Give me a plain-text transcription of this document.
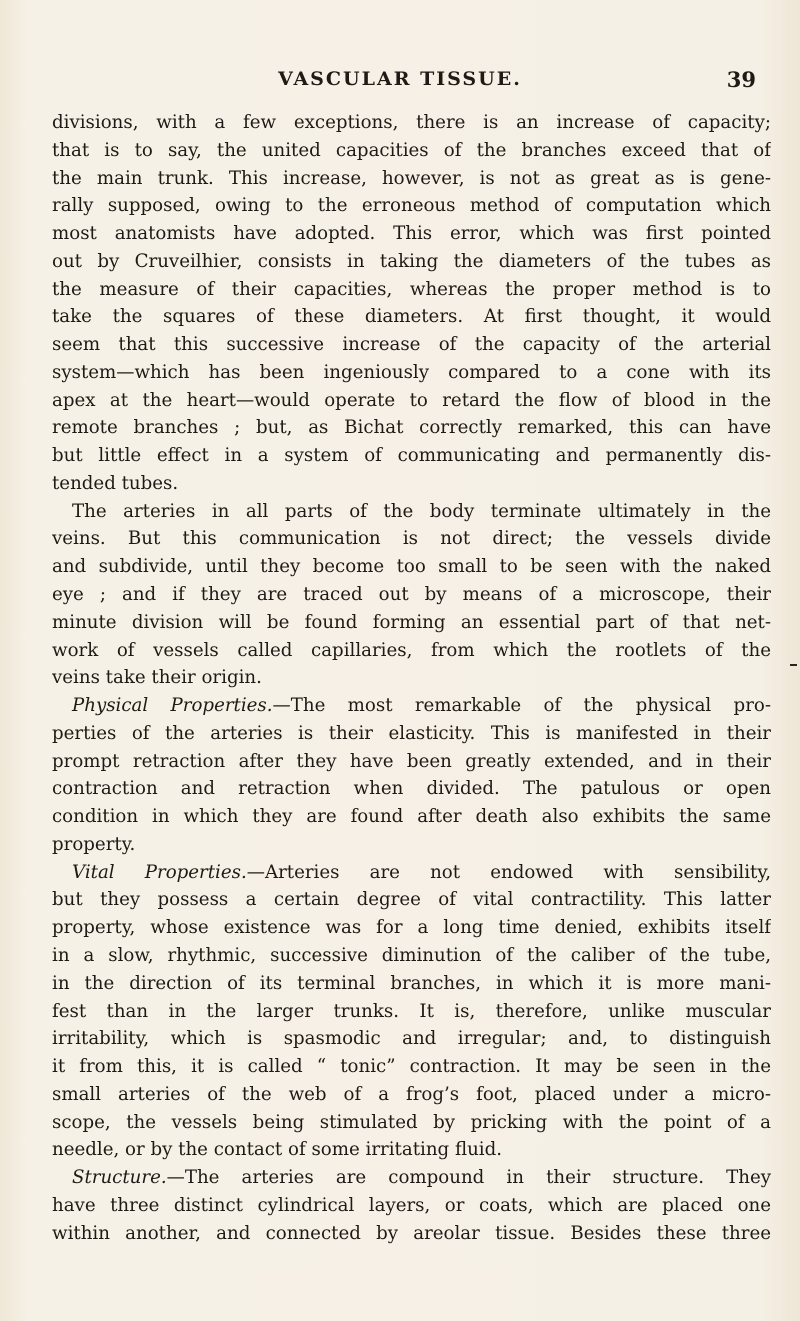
VASCULAR TISSUE.	39
divisions, with a few exceptions, there is an increase of capacity;
that is to say, the united capacities of the branches exceed that of
the main trunk. This increase, however, is not as great as is gene-
rally supposed, owing to the erroneous method of computation which
most anatomists have adopted. This error, which was first pointed
out by Cruveilhier, consists in taking the diameters of the tubes as
the measure of their capacities, whereas the proper method is to
take the squares of these diameters. At first thought, it would
seem that this successive increase of the capacity of the arterial
system—which has been ingeniously compared to a cone with its
apex at the heart—would operate to retard the flow of blood in the
remote branches ; but, as Bichat correctly remarked, this can have
but little effect in a system of communicating and permanently dis-
tended tubes.
The arteries in all parts of the body terminate ultimately in the
veins. But this communication is not direct; the vessels divide
and subdivide, until they become too small to be seen with the naked
eye ; and if they are traced out by means of a microscope, their
minute division will be found forming an essential part of that net-
work of vessels called capillaries, from which the rootlets of the
veins take their origin.
Physical Properties.—The most remarkable of the physical pro-
perties of the arteries is their elasticity. This is manifested in their
prompt retraction after they have been greatly extended, and in their
contraction and retraction when divided. The patulous or open
condition in which they are found after death also exhibits the same
property.
Vital Properties.—Arteries are not endowed with sensibility,
but they possess a certain degree of vital contractility. This latter
property, whose existence was for a long time denied, exhibits itself
in a slow, rhythmic, successive diminution of the caliber of the tube,
in the direction of its terminal branches, in which it is more mani-
fest than in the larger trunks. It is, therefore, unlike muscular
irritability, which is spasmodic and irregular; and, to distinguish
it from this, it is called “ tonic” contraction. It may be seen in the
small arteries of the web of a frog’s foot, placed under a micro-
scope, the vessels being stimulated by pricking with the point of a
needle, or by the contact of some irritating fluid.
Structure.—The arteries are compound in their structure. They
have three distinct cylindrical layers, or coats, which are placed one
within another, and connected by areolar tissue. Besides these three
